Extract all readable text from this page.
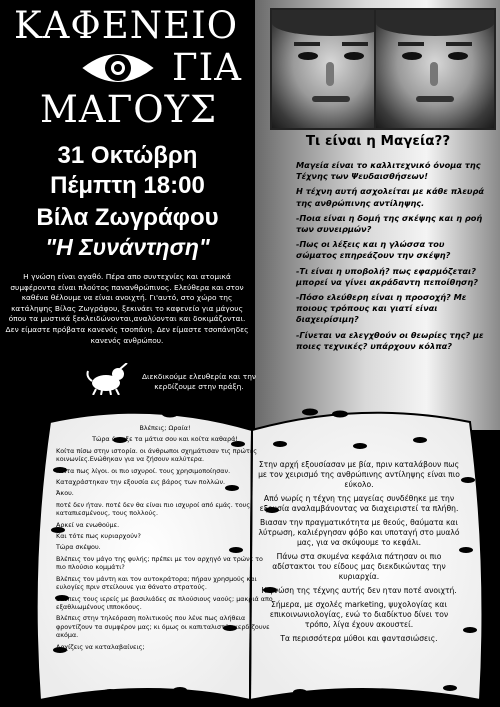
ΚΑΦΕΝΕΙΟ
ΓΙΑ
ΜΑΓΟΥΣ
31 Οκτώβρη
Πέμπτη 18:00
Βίλα Ζωγράφου
"Η Συνάντηση"
Η γνώση είναι αγαθό. Πέρα απο συντεχνίες και ατομικά συμφέροντα είναι πλούτος πανανθρώπινος. Ελεύθερα και στον καθένα θέλουμε να είναι ανοιχτή. Γι'αυτό, στο χώρο της κατάληψης Βίλας Ζωγράφου, ξεκινάει το καφενείο για μάγους όπου τα μυστικά ξεκλειδώνονται,αναλύονται και δοκιμάζονται. Δεν είμαστε πρόβατα κανενός τσοπάνη. Δεν είμαστε τσοπάνηδες κανενός ανθρώπου.
Διεκδικούμε ελευθερία και την κερδίζουμε στην πράξη.
Τι είναι η Μαγεία??

Μαγεία είναι το καλλιτεχνικό όνομα της Τέχνης των Ψευδαισθήσεων!

Η τέχνη αυτή ασχολείται με κάθε πλευρά της ανθρώπινης αντίληψης.

-Ποια είναι η δομή της σκέψης και η ροή των συνειρμών?

-Πως οι λέξεις και η γλώσσα του σώματος επηρεάζουν την σκέψη?

-Τι είναι η υποβολή? πως εφαρμόζεται? μπορεί να γίνει ακράδαντη πεποίθηση?

-Πόσο ελεύθερη είναι η προσοχή? Με ποιους τρόπους και γιατί είναι διαχειρίσιμη?

-Γίνεται να ελεγχθούν οι θεωρίες της? με ποιες τεχνικές? υπάρχουν κόλπα?

Βλέπεις; Ωραία!

Τώρα άνοιξε τα μάτια σου και κοίτα καθαρά!

Κοίτα πίσω στην ιστορία. οι άνθρωποι σχημάτισαν τις πρώτες κοινωνίες.Ενώθηκαν για να ζήσουν καλύτερα.

Κοίτα πως λίγοι. οι πιο ισχυροί. τους χρησιμοποίησαν.

Καταχράστηκαν την εξουσία εις βάρος των πολλών.

Άκου.

ποτέ δεν ήταν. ποτέ δεν θα είναι πιο ισχυροί από εμάς. τους καταπιεσμένους, τους πολλούς.

Αρκεί να ενωθούμε.

Και τότε πως κυριαρχούν?

Τώρα σκέψου.

Βλέπεις τον μάγο της φυλής; πρέπει με τον αρχηγό να τρώνε το πιο πλούσιο κομμάτι?

Βλέπεις τον μάντη και τον αυτοκράτορα; πήραν χρησμούς και ευλογίες πριν στείλουνε για θάνατο στρατούς.

Βλέπεις τους ιερείς με βασιλιάδες σε πλούσιους ναούς; μακριά απο εξαθλιωμένους ιπποκόους.

Βλέπεις στην τηλεόραση πολιτικούς που λένε πως αλήθεια φροντίζουν τα συμφέρον μας; κι όμως οι καπιταλιστές κερδίζουνε ακόμα.

Αρχίζεις να καταλαβαίνεις;

Στην αρχή εξουσίασαν με βία, πριν καταλάβουν πως με τον χειρισμό της ανθρώπινης αντίληψης είναι πιο εύκολο.

Από νωρίς η τέχνη της μαγείας συνδέθηκε με την εξουσία αναλαμβάνοντας να διαχειριστεί τα πλήθη.

Βιασαν την πραγματικότητα με θεούς, θαύματα και λύτρωση, καλιέργησαν φόβο και υποταγή στο μυαλό μας, για να σκύψουμε το κεφάλι.

Πάνω στα σκυμένα κεφάλια πάτησαν οι πιο αδίστακτοι του είδους μας διεκδικώντας την κυριαρχία.

Η γνώση της τέχνης αυτής δεν ηταν ποτέ ανοιχτή.

Σήμερα, με σχολές marketing, ψυχολογίας και επικοινωνιολογίας, ενώ το διαδίκτυο δίνει τον τρόπο, λίγα έχουν ακουστεί.

Τα περισσότερα μύθοι και φαντασιώσεις.
